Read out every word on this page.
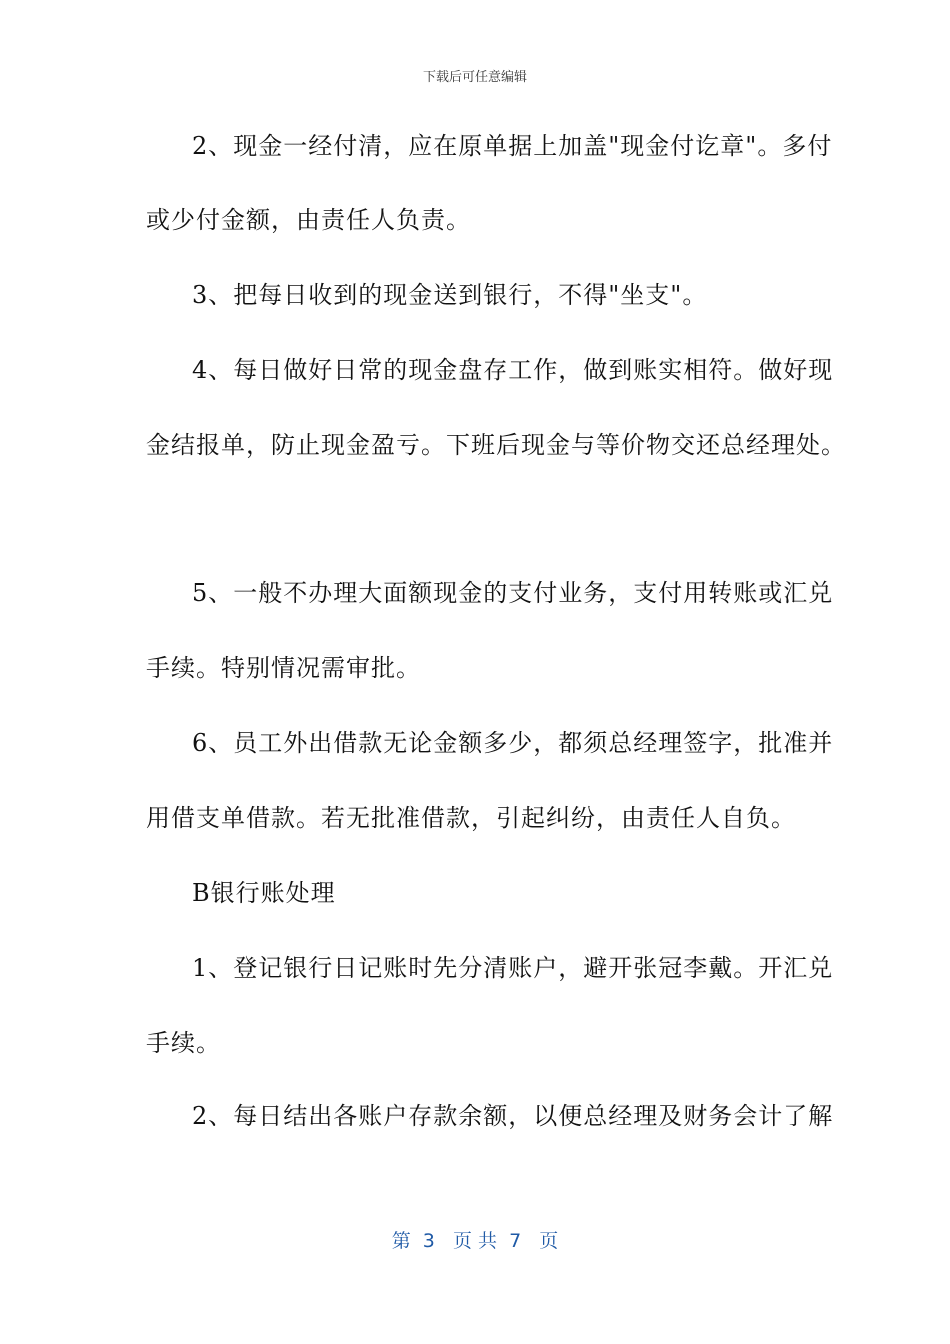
下载后可任意编辑
2、现金一经付清，应在原单据上加盖"现金付讫章"。多付
或少付金额，由责任人负责。
3、把每日收到的现金送到银行，不得"坐支"。
4、每日做好日常的现金盘存工作，做到账实相符。做好现
金结报单，防止现金盈亏。下班后现金与等价物交还总经理处。
5、一般不办理大面额现金的支付业务，支付用转账或汇兑
手续。特别情况需审批。
6、员工外出借款无论金额多少，都须总经理签字，批准并
用借支单借款。若无批准借款，引起纠纷，由责任人自负。
B银行账处理
1、登记银行日记账时先分清账户，避开张冠李戴。开汇兑
手续。
2、每日结出各账户存款余额，以便总经理及财务会计了解
第  3   页 共  7   页
